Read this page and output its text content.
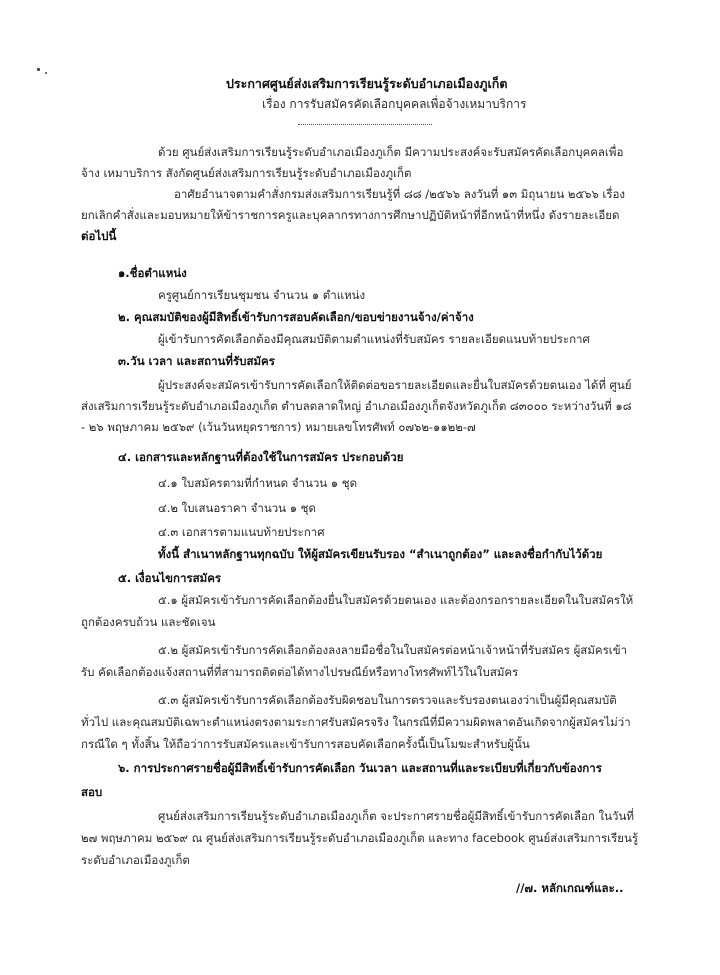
ประกาศศูนย์ส่งเสริมการเรียนรู้ระดับอำเภอเมืองภูเก็ต
เรื่อง การรับสมัครคัดเลือกบุคคลเพื่อจ้างเหมาบริการ
ด้วย ศูนย์ส่งเสริมการเรียนรู้ระดับอำเภอเมืองภูเก็ต มีความประสงค์จะรับสมัครคัดเลือกบุคคลเพื่อ
จ้าง เหมาบริการ สังกัดศูนย์ส่งเสริมการเรียนรู้ระดับอำเภอเมืองภูเก็ต
อาศัยอำนาจตามคำสั่งกรมส่งเสริมการเรียนรู้ที่ ๘๘ /๒๕๖๖ ลงวันที่ ๑๓ มิถุนายน ๒๕๖๖ เรื่อง
ยกเลิกคำสั่งและมอบหมายให้ข้าราชการครูและบุคลากรทางการศึกษาปฏิบัติหน้าที่อีกหน้าที่หนึ่ง ดังรายละเอียด
ต่อไปนี้
๑.ชื่อตำแหน่ง
ครูศูนย์การเรียนชุมชน จำนวน ๑ ตำแหน่ง
๒. คุณสมบัติของผู้มีสิทธิ์เข้ารับการสอบคัดเลือก/ขอบข่ายงานจ้าง/ค่าจ้าง
ผู้เข้ารับการคัดเลือกต้องมีคุณสมบัติตามตำแหน่งที่รับสมัคร รายละเอียดแนบท้ายประกาศ
๓.วัน เวลา และสถานที่รับสมัคร
ผู้ประสงค์จะสมัครเข้ารับการคัดเลือกให้ติดต่อขอรายละเอียดและยื่นใบสมัครด้วยตนเอง ได้ที่ ศูนย์
ส่งเสริมการเรียนรู้ระดับอำเภอเมืองภูเก็ต ตำบลตลาดใหญ่ อำเภอเมืองภูเก็ตจังหวัดภูเก็ต ๘๓๐๐๐ ระหว่างวันที่ ๑๘
- ๒๖ พฤษภาคม ๒๕๖๙ (เว้นวันหยุดราชการ) หมายเลขโทรศัพท์ ๐๗๖๒-๑๑๒๒-๗
๔. เอกสารและหลักฐานที่ต้องใช้ในการสมัคร ประกอบด้วย
๔.๑ ใบสมัครตามที่กำหนด จำนวน ๑ ชุด
๔.๒ ใบเสนอราคา จำนวน ๑ ชุด
๔.๓ เอกสารตามแนบท้ายประกาศ
ทั้งนี้ สำเนาหลักฐานทุกฉบับ ให้ผู้สมัครเขียนรับรอง “สำเนาถูกต้อง” และลงชื่อกำกับไว้ด้วย
๕. เงื่อนไขการสมัคร
๕.๑ ผู้สมัครเข้ารับการคัดเลือกต้องยื่นใบสมัครด้วยตนเอง และต้องกรอกรายละเอียดในใบสมัครให้
ถูกต้องครบถ้วน และชัดเจน
๕.๒ ผู้สมัครเข้ารับการคัดเลือกต้องลงลายมือชื่อในใบสมัครต่อหน้าเจ้าหน้าที่รับสมัคร ผู้สมัครเข้า
รับ คัดเลือกต้องแจ้งสถานที่ที่สามารถติดต่อได้ทางไปรษณีย์หรือทางโทรศัพท์ไว้ในใบสมัคร
๕.๓ ผู้สมัครเข้ารับการคัดเลือกต้องรับผิดชอบในการตรวจและรับรองตนเองว่าเป็นผู้มีคุณสมบัติ
ทั่วไป และคุณสมบัติเฉพาะตำแหน่งตรงตามระกาศรับสมัครจริง ในกรณีที่มีความผิดพลาดอันเกิดจากผู้สมัครไม่ว่า
กรณีใด ๆ ทั้งสิ้น ให้ถือว่าการรับสมัครและเข้ารับการสอบคัดเลือกครั้งนี้เป็นโมฆะสำหรับผู้นั้น
๖. การประกาศรายชื่อผู้มีสิทธิ์เข้ารับการคัดเลือก วันเวลา และสถานที่และระเบียบที่เกี่ยวกับข้องการ
สอบ
ศูนย์ส่งเสริมการเรียนรู้ระดับอำเภอเมืองภูเก็ต จะประกาศรายชื่อผู้มีสิทธิ์เข้ารับการคัดเลือก ในวันที่
๒๗ พฤษภาคม ๒๕๖๙ ณ ศูนย์ส่งเสริมการเรียนรู้ระดับอำเภอเมืองภูเก็ต และทาง facebook ศูนย์ส่งเสริมการเรียนรู้
ระดับอำเภอเมืองภูเก็ต
//๗. หลักเกณฑ์และ..
